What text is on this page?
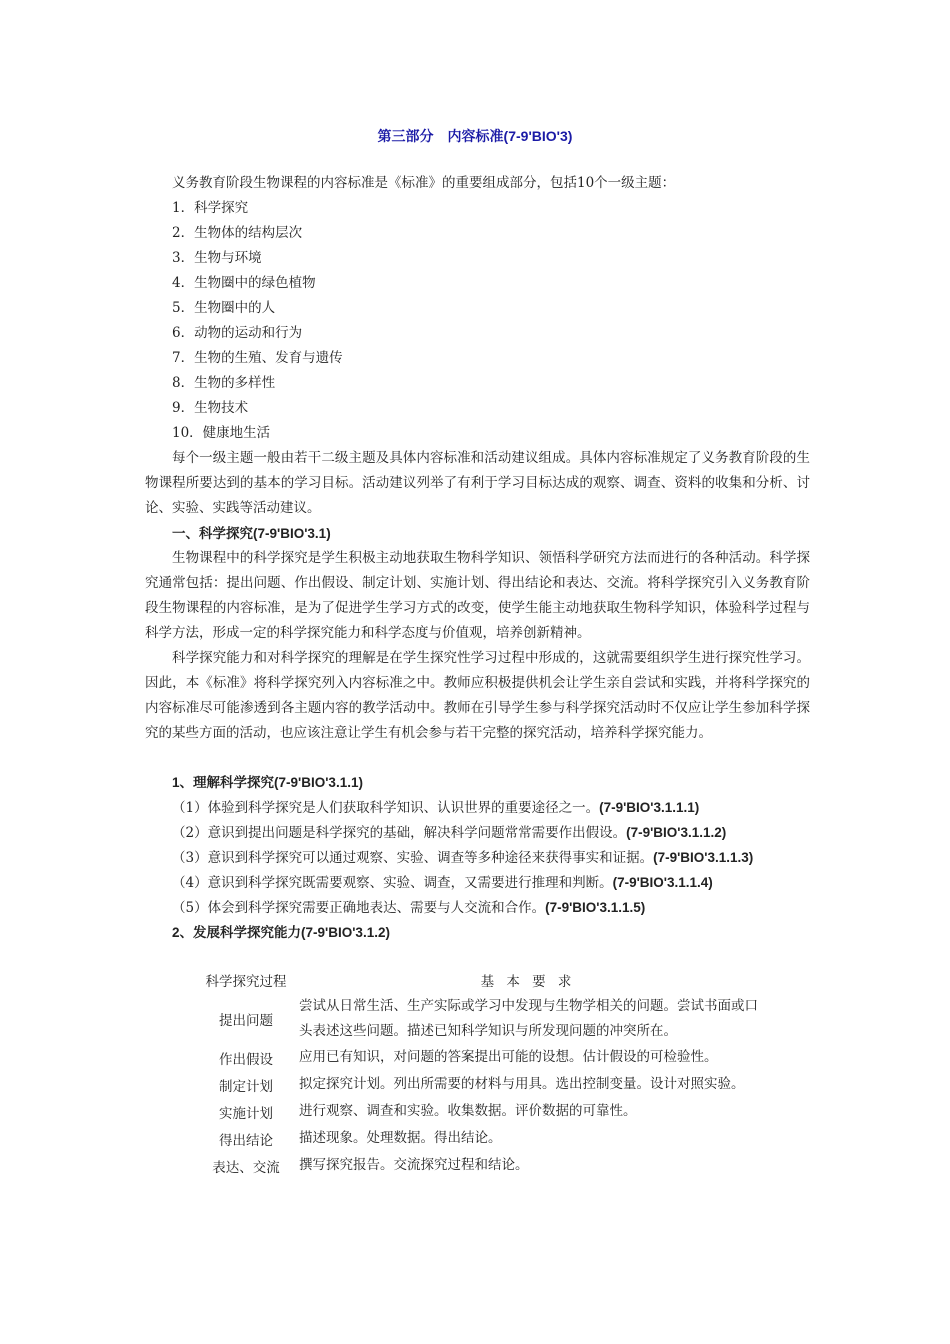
第三部分　内容标准(7-9'BIO'3)
义务教育阶段生物课程的内容标准是《标准》的重要组成部分，包括10个一级主题：
1．科学探究
2．生物体的结构层次
3．生物与环境
4．生物圈中的绿色植物
5．生物圈中的人
6．动物的运动和行为
7．生物的生殖、发育与遗传
8．生物的多样性
9．生物技术
10．健康地生活
每个一级主题一般由若干二级主题及具体内容标准和活动建议组成。具体内容标准规定了义务教育阶段的生物课程所要达到的基本的学习目标。活动建议列举了有利于学习目标达成的观察、调查、资料的收集和分析、讨论、实验、实践等活动建议。
一、科学探究(7-9'BIO'3.1)
生物课程中的科学探究是学生积极主动地获取生物科学知识、领悟科学研究方法而进行的各种活动。科学探究通常包括：提出问题、作出假设、制定计划、实施计划、得出结论和表达、交流。将科学探究引入义务教育阶段生物课程的内容标准，是为了促进学生学习方式的改变，使学生能主动地获取生物科学知识，体验科学过程与科学方法，形成一定的科学探究能力和科学态度与价值观，培养创新精神。
科学探究能力和对科学探究的理解是在学生探究性学习过程中形成的，这就需要组织学生进行探究性学习。因此，本《标准》将科学探究列入内容标准之中。教师应积极提供机会让学生亲自尝试和实践，并将科学探究的内容标准尽可能渗透到各主题内容的教学活动中。教师在引导学生参与科学探究活动时不仅应让学生参加科学探究的某些方面的活动，也应该注意让学生有机会参与若干完整的探究活动，培养科学探究能力。
1、理解科学探究(7-9'BIO'3.1.1)
（1）体验到科学探究是人们获取科学知识、认识世界的重要途径之一。(7-9'BIO'3.1.1.1)
（2）意识到提出问题是科学探究的基础，解决科学问题常常需要作出假设。(7-9'BIO'3.1.1.2)
（3）意识到科学探究可以通过观察、实验、调查等多种途径来获得事实和证据。(7-9'BIO'3.1.1.3)
（4）意识到科学探究既需要观察、实验、调查，又需要进行推理和判断。(7-9'BIO'3.1.1.4)
（5）体会到科学探究需要正确地表达、需要与人交流和合作。(7-9'BIO'3.1.1.5)
2、发展科学探究能力(7-9'BIO'3.1.2)
科学探究过程	基 本 要 求
提出问题	尝试从日常生活、生产实际或学习中发现与生物学相关的问题。尝试书面或口头表述这些问题。描述已知科学知识与所发现问题的冲突所在。
作出假设	应用已有知识，对问题的答案提出可能的设想。估计假设的可检验性。
制定计划	拟定探究计划。列出所需要的材料与用具。选出控制变量。设计对照实验。
实施计划	进行观察、调查和实验。收集数据。评价数据的可靠性。
得出结论	描述现象。处理数据。得出结论。
表达、交流	撰写探究报告。交流探究过程和结论。
